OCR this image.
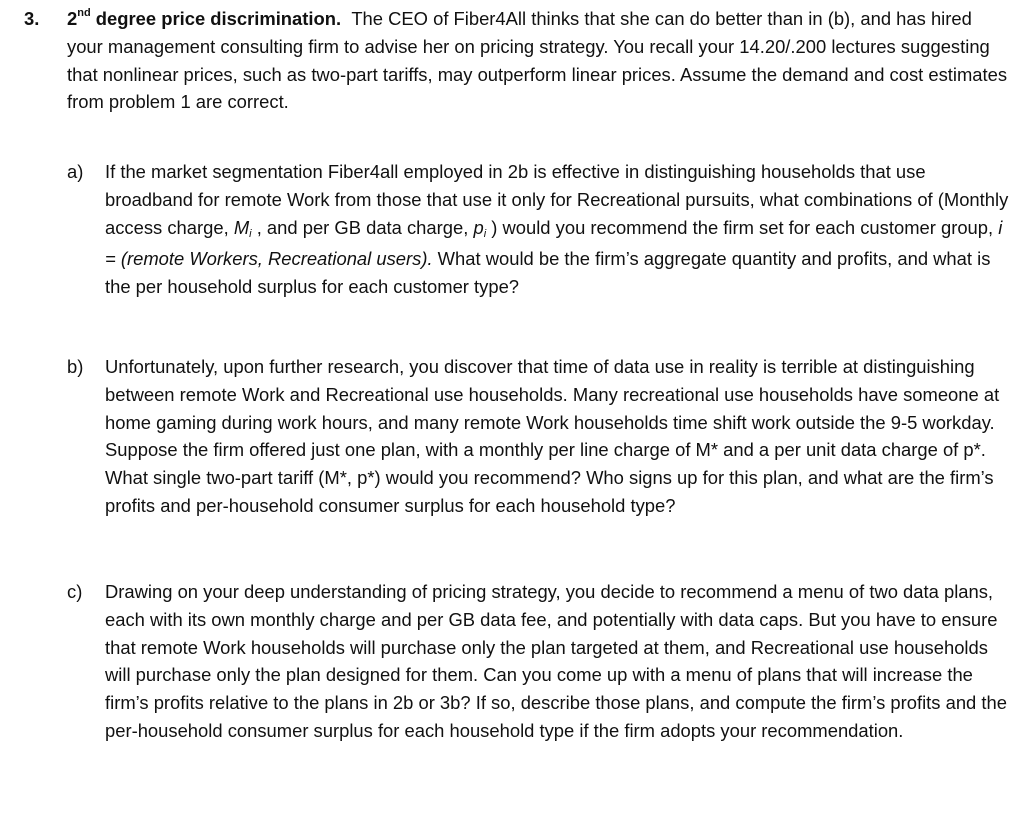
3. 2nd degree price discrimination. The CEO of Fiber4All thinks that she can do better than in (b), and has hired your management consulting firm to advise her on pricing strategy. You recall your 14.20/.200 lectures suggesting that nonlinear prices, such as two-part tariffs, may outperform linear prices. Assume the demand and cost estimates from problem 1 are correct.
a) If the market segmentation Fiber4all employed in 2b is effective in distinguishing households that use broadband for remote Work from those that use it only for Recreational pursuits, what combinations of (Monthly access charge, Mi , and per GB data charge, pi ) would you recommend the firm set for each customer group, i = (remote Workers, Recreational users). What would be the firm’s aggregate quantity and profits, and what is the per household surplus for each customer type?
b) Unfortunately, upon further research, you discover that time of data use in reality is terrible at distinguishing between remote Work and Recreational use households. Many recreational use households have someone at home gaming during work hours, and many remote Work households time shift work outside the 9-5 workday. Suppose the firm offered just one plan, with a monthly per line charge of M* and a per unit data charge of p*. What single two-part tariff (M*, p*) would you recommend? Who signs up for this plan, and what are the firm’s profits and per-household consumer surplus for each household type?
c) Drawing on your deep understanding of pricing strategy, you decide to recommend a menu of two data plans, each with its own monthly charge and per GB data fee, and potentially with data caps. But you have to ensure that remote Work households will purchase only the plan targeted at them, and Recreational use households will purchase only the plan designed for them. Can you come up with a menu of plans that will increase the firm’s profits relative to the plans in 2b or 3b? If so, describe those plans, and compute the firm’s profits and the per-household consumer surplus for each household type if the firm adopts your recommendation.
